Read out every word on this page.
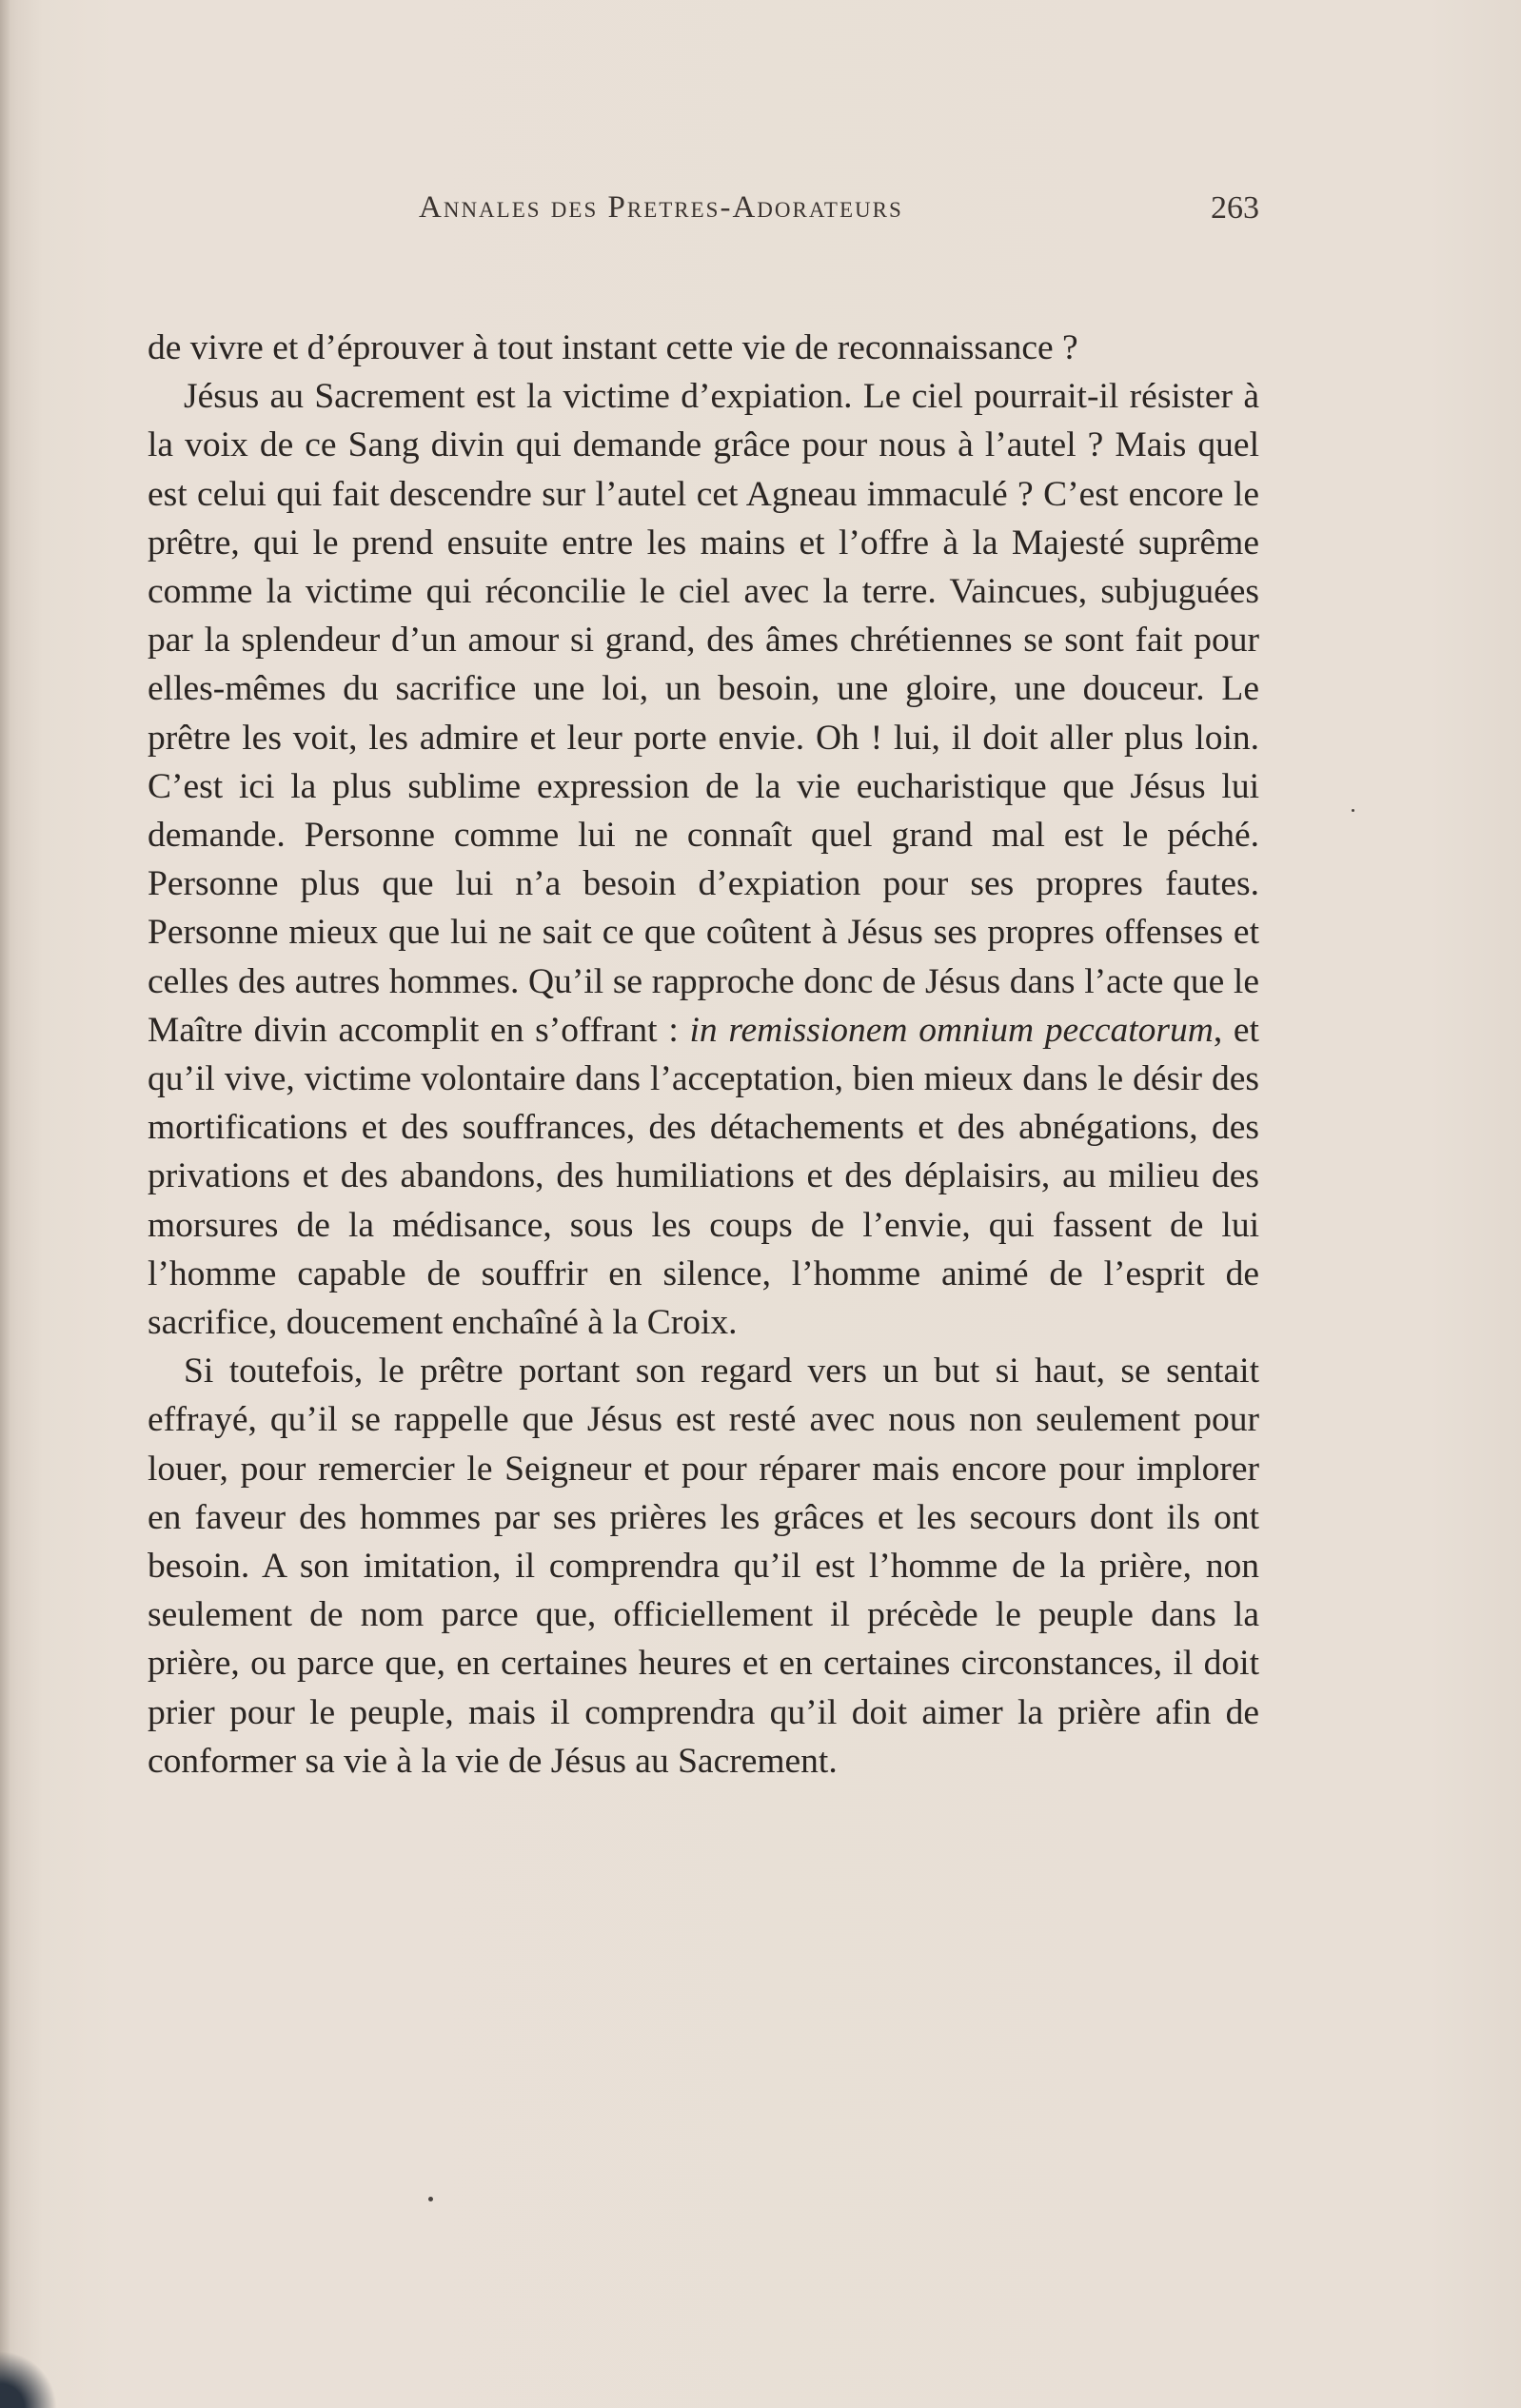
Annales des Pretres-Adorateurs	263

de vivre et d’éprouver à tout instant cette vie de reconnaissance ?

Jésus au Sacrement est la victime d’expiation. Le ciel pourrait-il résister à la voix de ce Sang divin qui demande grâce pour nous à l’autel ? Mais quel est celui qui fait descendre sur l’autel cet Agneau immaculé ? C’est encore le prêtre, qui le prend ensuite entre les mains et l’offre à la Majesté suprême comme la victime qui réconcilie le ciel avec la terre. Vaincues, subjuguées par la splendeur d’un amour si grand, des âmes chrétiennes se sont fait pour elles-mêmes du sacrifice une loi, un besoin, une gloire, une douceur. Le prêtre les voit, les admire et leur porte envie. Oh ! lui, il doit aller plus loin. C’est ici la plus sublime expression de la vie eucharistique que Jésus lui demande. Personne comme lui ne connaît quel grand mal est le péché. Personne plus que lui n’a besoin d’expiation pour ses propres fautes. Personne mieux que lui ne sait ce que coûtent à Jésus ses propres offenses et celles des autres hommes. Qu’il se rapproche donc de Jésus dans l’acte que le Maître divin accomplit en s’offrant : in remissionem omnium peccatorum, et qu’il vive, victime volontaire dans l’acceptation, bien mieux dans le désir des mortifications et des souffrances, des détachements et des abnégations, des privations et des abandons, des humiliations et des déplaisirs, au milieu des morsures de la médisance, sous les coups de l’envie, qui fassent de lui l’homme capable de souffrir en silence, l’homme animé de l’esprit de sacrifice, doucement enchaîné à la Croix.

Si toutefois, le prêtre portant son regard vers un but si haut, se sentait effrayé, qu’il se rappelle que Jésus est resté avec nous non seulement pour louer, pour remercier le Seigneur et pour réparer mais encore pour implorer en faveur des hommes par ses prières les grâces et les secours dont ils ont besoin. A son imitation, il comprendra qu’il est l’homme de la prière, non seulement de nom parce que, officiellement il précède le peuple dans la prière, ou parce que, en certaines heures et en certaines circonstances, il doit prier pour le peuple, mais il comprendra qu’il doit aimer la prière afin de conformer sa vie à la vie de Jésus au Sacrement.
